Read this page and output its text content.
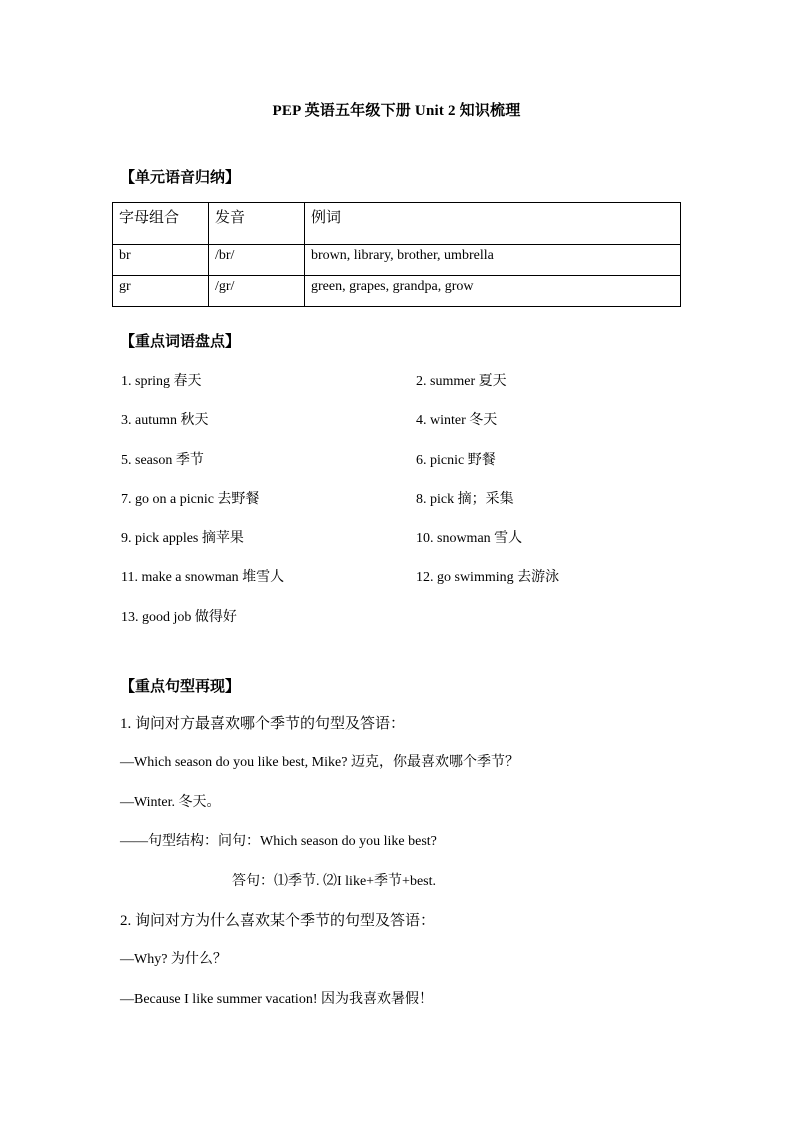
PEP 英语五年级下册 Unit 2 知识梳理
【单元语音归纳】
字母组合	发音	例词
br	/br/	brown, library, brother, umbrella
gr	/gr/	green, grapes, grandpa, grow
【重点词语盘点】
1. spring 春天	2. summer 夏天
3. autumn 秋天	4. winter 冬天
5. season 季节	6. picnic 野餐
7. go on a picnic 去野餐	8. pick 摘；采集
9. pick apples 摘苹果	10. snowman 雪人
11. make a snowman 堆雪人	12. go swimming 去游泳
13. good job 做得好
【重点句型再现】
1. 询问对方最喜欢哪个季节的句型及答语：
—Which season do you like best, Mike? 迈克，你最喜欢哪个季节？
—Winter. 冬天。
——句型结构：问句：Which season do you like best?
答句：⑴季节. ⑵I like+季节+best.
2. 询问对方为什么喜欢某个季节的句型及答语：
—Why? 为什么？
—Because I like summer vacation! 因为我喜欢暑假！
